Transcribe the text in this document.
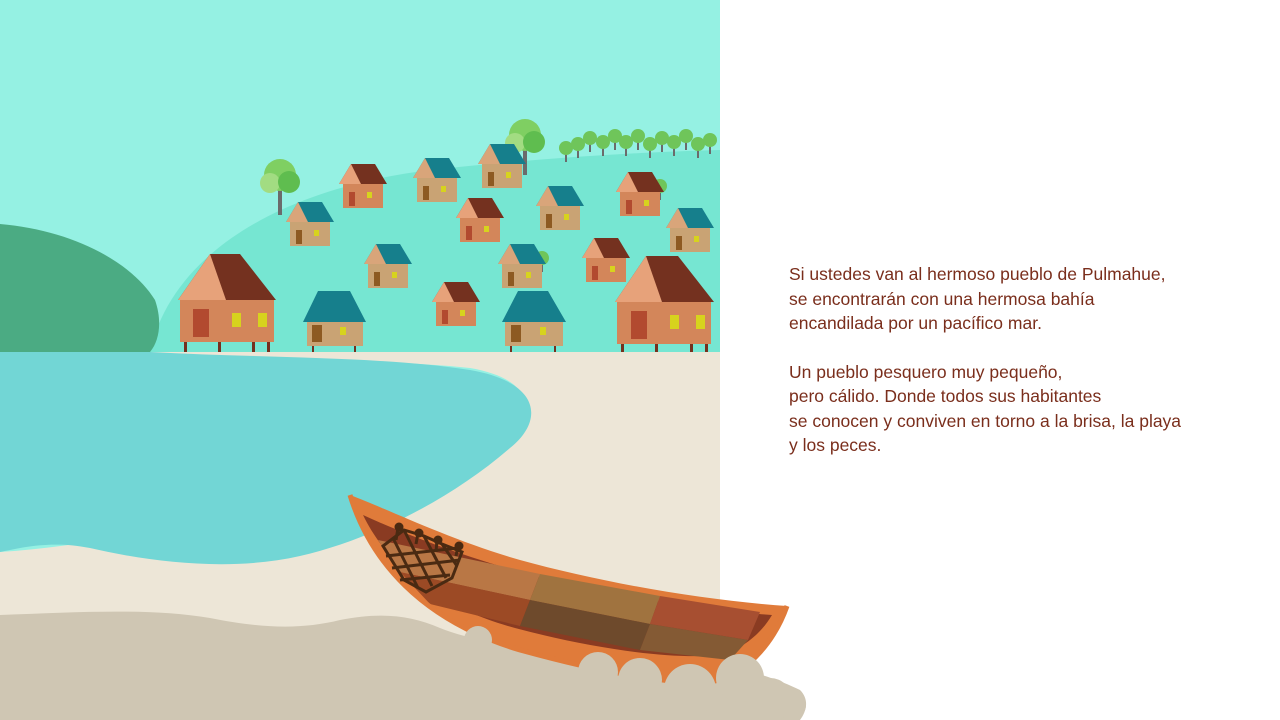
Si ustedes van al hermoso pueblo de Pulmahue,
se encontrarán con una hermosa bahía
encandilada por un pacífico mar.

Un pueblo pesquero muy pequeño,
pero cálido. Donde todos sus habitantes
se conocen y conviven en torno a la brisa, la playa
y los peces.
